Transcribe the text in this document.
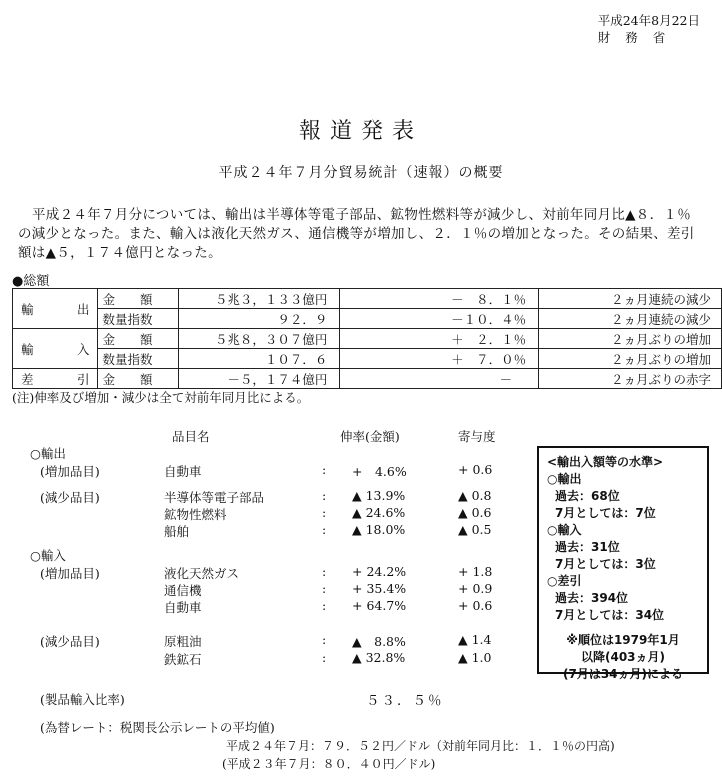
平成24年8月22日
財務省
報道発表
平成２４年７月分貿易統計（速報）の概要
平成２４年７月分については、輸出は半導体等電子部品、鉱物性燃料等が減少し、対前年同月比▲８．１％の減少となった。また、輸入は液化天然ガス、通信機等が増加し、２．１％の増加となった。その結果、差引額は▲５，１７４億円となった。
●総額
輸出	金　　額	５兆３，１３３億円	－　８．１％	２ヵ月連続の減少
	数量指数	９２．９	－１０．４％	２ヵ月連続の減少
輸入	金　　額	５兆８，３０７億円	＋　２．１％	２ヵ月ぶりの増加
	数量指数	１０７．６	＋　７．０％	２ヵ月ぶりの増加
差引	金　　額	－５，１７４億円	－	２ヵ月ぶりの赤字
(注)伸率及び増加・減少は全て対前年同月比による。
品目名	伸率(金額)	寄与度
○輸出
(増加品目)	自動車	: +　4.6%	+ 0.6
(減少品目)	半導体等電子部品	: ▲ 13.9%	▲ 0.8
鉱物性燃料	: ▲ 24.6%	▲ 0.6
船舶	: ▲ 18.0%	▲ 0.5
○輸入
(増加品目)	液化天然ガス	: + 24.2%	+ 1.8
通信機	: + 35.4%	+ 0.9
自動車	: + 64.7%	+ 0.6
(減少品目)	原粗油	: ▲　8.8%	▲ 1.4
鉄鉱石	: ▲ 32.8%	▲ 1.0
<輸出入額等の水準>
○輸出
過去：68位
7月としては：7位
○輸入
過去：31位
7月としては：3位
○差引
過去：394位
7月としては：34位
※順位は1979年1月
以降(403ヵ月)
(7月は34ヵ月)による
(製品輸入比率)	５３．５％
(為替レート：税関長公示レートの平均値)
平成２４年７月：７９．５２円／ドル（対前年同月比：１．１％の円高)
(平成２３年７月：８０．４０円／ドル)
